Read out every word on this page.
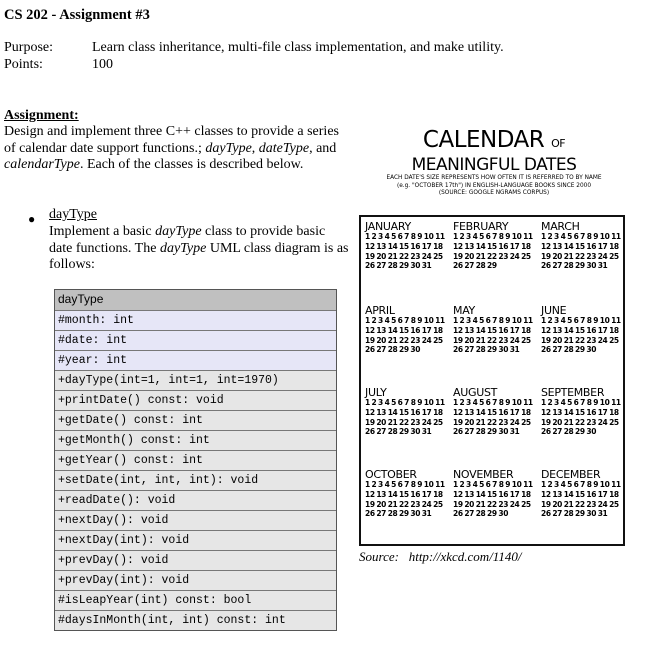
CS 202 - Assignment #3
Purpose:	Learn class inheritance, multi-file class implementation, and make utility.
Points:	100
Assignment:
Design and implement three C++ classes to provide a series of calendar date support functions.; dayType, dateType, and calendarType. Each of the classes is described below.
● dayType
Implement a basic dayType class to provide basic date functions. The dayType UML class diagram is as follows:
dayType
#month: int
#date: int
#year: int
+dayType(int=1, int=1, int=1970)
+printDate() const: void
+getDate() const: int
+getMonth() const: int
+getYear() const: int
+setDate(int, int, int): void
+readDate(): void
+nextDay(): void
+nextDay(int): void
+prevDay(): void
+prevDay(int): void
#isLeapYear(int) const: bool
#daysInMonth(int, int) const: int
CALENDAR OF
MEANINGFUL DATES
EACH DATE'S SIZE REPRESENTS HOW OFTEN IT IS REFERRED TO BY NAME
(e.g. "OCTOBER 17th") IN ENGLISH-LANGUAGE BOOKS SINCE 2000
(SOURCE: GOOGLE NGRAMS CORPUS)
JANUARY
1 2 3 4 5 6 7 8 9 10 11 12 13 14 15 16 17 18 19 20 21 22 23 24 25 26 27 28 29 30 31
FEBRUARY
1 2 3 4 5 6 7 8 9 10 11 12 13 14 15 16 17 18 19 20 21 22 23 24 25 26 27 28 29
MARCH
1 2 3 4 5 6 7 8 9 10 11 12 13 14 15 16 17 18 19 20 21 22 23 24 25 26 27 28 29 30 31
APRIL
1 2 3 4 5 6 7 8 9 10 11 12 13 14 15 16 17 18 19 20 21 22 23 24 25 26 27 28 29 30
MAY
1 2 3 4 5 6 7 8 9 10 11 12 13 14 15 16 17 18 19 20 21 22 23 24 25 26 27 28 29 30 31
JUNE
1 2 3 4 5 6 7 8 9 10 11 12 13 14 15 16 17 18 19 20 21 22 23 24 25 26 27 28 29 30
JULY
1 2 3 4 5 6 7 8 9 10 11 12 13 14 15 16 17 18 19 20 21 22 23 24 25 26 27 28 29 30 31
AUGUST
1 2 3 4 5 6 7 8 9 10 11 12 13 14 15 16 17 18 19 20 21 22 23 24 25 26 27 28 29 30 31
SEPTEMBER
1 2 3 4 5 6 7 8 9 10 11 12 13 14 15 16 17 18 19 20 21 22 23 24 25 26 27 28 29 30
OCTOBER
1 2 3 4 5 6 7 8 9 10 11 12 13 14 15 16 17 18 19 20 21 22 23 24 25 26 27 28 29 30 31
NOVEMBER
1 2 3 4 5 6 7 8 9 10 11 12 13 14 15 16 17 18 19 20 21 22 23 24 25 26 27 28 29 30
DECEMBER
1 2 3 4 5 6 7 8 9 10 11 12 13 14 15 16 17 18 19 20 21 22 23 24 25 26 27 28 29 30 31
Source: http://xkcd.com/1140/
